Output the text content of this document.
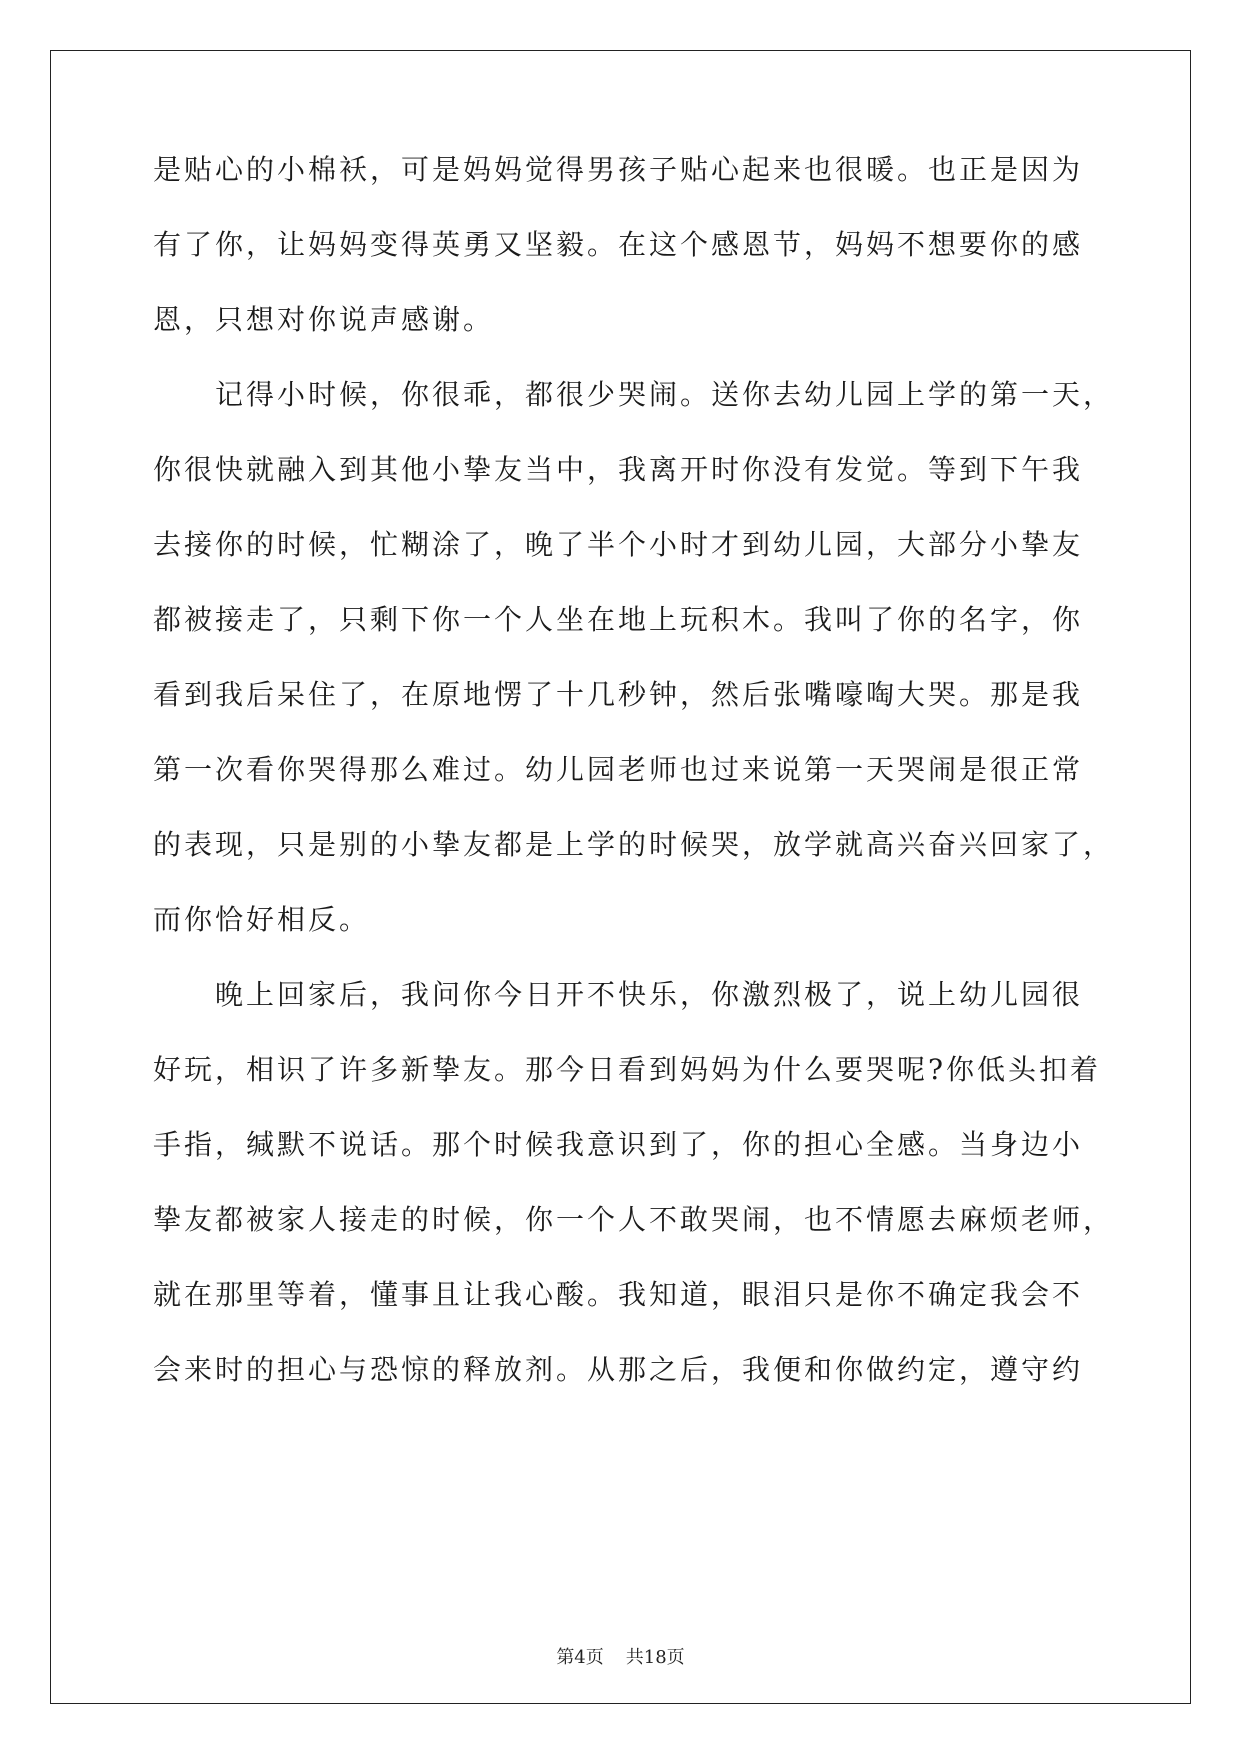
是贴心的小棉袄，可是妈妈觉得男孩子贴心起来也很暖。也正是因为

有了你，让妈妈变得英勇又坚毅。在这个感恩节，妈妈不想要你的感

恩，只想对你说声感谢。

记得小时候，你很乖，都很少哭闹。送你去幼儿园上学的第一天，

你很快就融入到其他小挚友当中，我离开时你没有发觉。等到下午我

去接你的时候，忙糊涂了，晚了半个小时才到幼儿园，大部分小挚友

都被接走了，只剩下你一个人坐在地上玩积木。我叫了你的名字，你

看到我后呆住了，在原地愣了十几秒钟，然后张嘴嚎啕大哭。那是我

第一次看你哭得那么难过。幼儿园老师也过来说第一天哭闹是很正常

的表现，只是别的小挚友都是上学的时候哭，放学就高兴奋兴回家了，

而你恰好相反。

晚上回家后，我问你今日开不快乐，你激烈极了，说上幼儿园很

好玩，相识了许多新挚友。那今日看到妈妈为什么要哭呢?你低头扣着

手指，缄默不说话。那个时候我意识到了，你的担心全感。当身边小

挚友都被家人接走的时候，你一个人不敢哭闹，也不情愿去麻烦老师，

就在那里等着，懂事且让我心酸。我知道，眼泪只是你不确定我会不

会来时的担心与恐惊的释放剂。从那之后，我便和你做约定，遵守约

第4页 共18页
